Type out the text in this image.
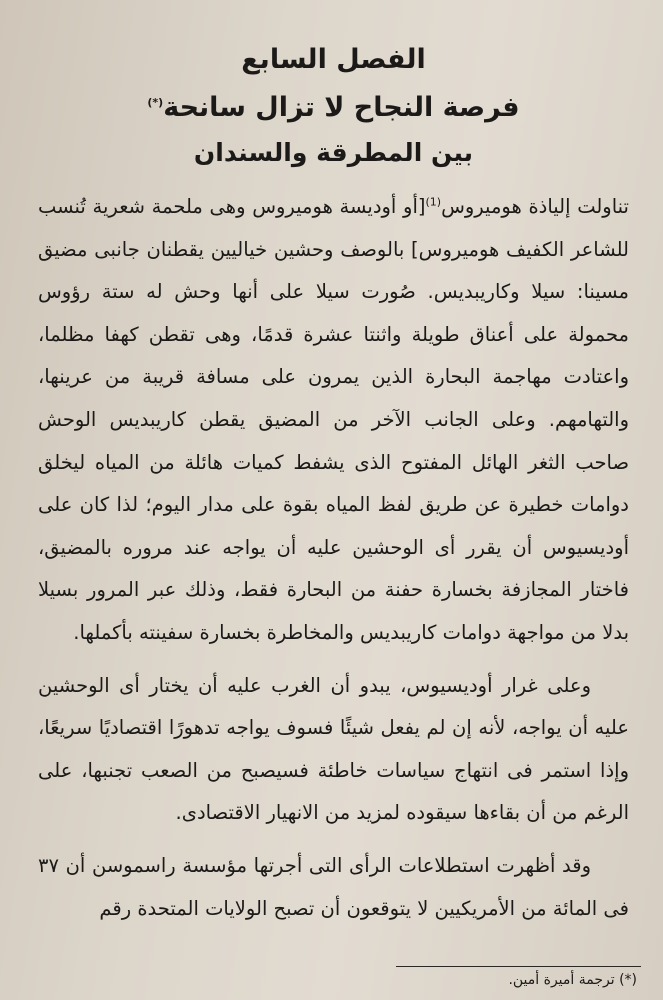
الفصل السابع
فرصة النجاح لا تزال سانحة(*)
بين المطرقة والسندان

تناولت إلياذة هوميروس$^{(1)}$[أو أوديسة هوميروس وهى ملحمة شعرية تُنسب للشاعر الكفيف هوميروس] بالوصف وحشين خياليين يقطنان جانبى مضيق مسينا: سيلا وكاريبديس. صُورت سيلا على أنها وحش له ستة رؤوس محمولة على أعناق طويلة واثنتا عشرة قدمًا، وهى تقطن كهفا مظلما، واعتادت مهاجمة البحارة الذين يمرون على مسافة قريبة من عرينها، والتهامهم. وعلى الجانب الآخر من المضيق يقطن كاريبديس الوحش صاحب الثغر الهائل المفتوح الذى يشفط كميات هائلة من المياه ليخلق دوامات خطيرة عن طريق لفظ المياه بقوة على مدار اليوم؛ لذا كان على أوديسيوس أن يقرر أى الوحشين عليه أن يواجه عند مروره بالمضيق، فاختار المجازفة بخسارة حفنة من البحارة فقط، وذلك عبر المرور بسيلا بدلا من مواجهة دوامات كاريبديس والمخاطرة بخسارة سفينته بأكملها.

وعلى غرار أوديسيوس، يبدو أن الغرب عليه أن يختار أى الوحشين عليه أن يواجه، لأنه إن لم يفعل شيئًا فسوف يواجه تدهورًا اقتصاديًا سريعًا، وإذا استمر فى انتهاج سياسات خاطئة فسيصبح من الصعب تجنبها، على الرغم من أن بقاءها سيقوده لمزيد من الانهيار الاقتصادى.

وقد أظهرت استطلاعات الرأى التى أجرتها مؤسسة راسموسن أن ٣٧ فى المائة من الأمريكيين لا يتوقعون أن تصبح الولايات المتحدة رقم

(*) ترجمة أميرة أمين.
